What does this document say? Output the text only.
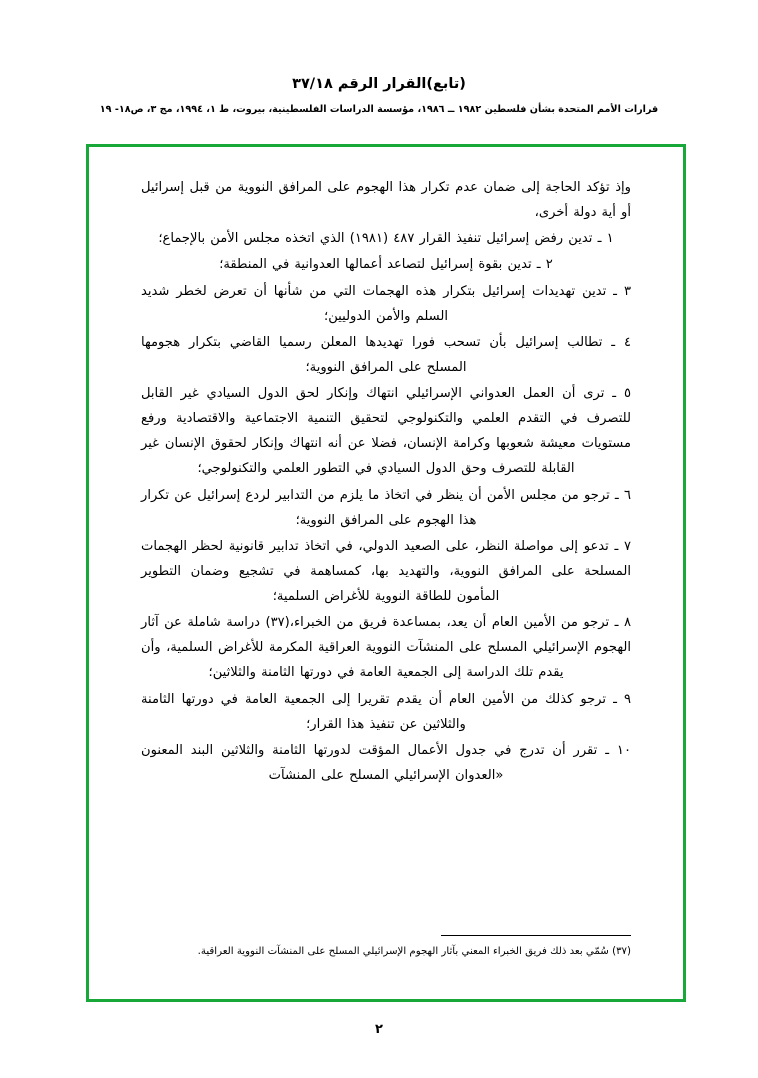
(تابع)القرار الرقم ٣٧/١٨
قرارات الأمم المتحدة بشأن فلسطين ١٩٨٢ ــ ١٩٨٦، مؤسسة الدراسات الفلسطينية، بيروت، ط ١، ١٩٩٤، مج ٣، ص١٨- ١٩

وإذ تؤكد الحاجة إلى ضمان عدم تكرار هذا الهجوم على المرافق النووية من قبل إسرائيل أو أية دولة أخرى،

١ ـ تدين رفض إسرائيل تنفيذ القرار ٤٨٧ (١٩٨١) الذي اتخذه مجلس الأمن بالإجماع؛

٢ ـ تدين بقوة إسرائيل لتصاعد أعمالها العدوانية في المنطقة؛

٣ ـ تدين تهديدات إسرائيل بتكرار هذه الهجمات التي من شأنها أن تعرض لخطر شديد السلم والأمن الدوليين؛

٤ ـ تطالب إسرائيل بأن تسحب فورا تهديدها المعلن رسميا القاضي بتكرار هجومها المسلح على المرافق النووية؛

٥ ـ ترى أن العمل العدواني الإسرائيلي انتهاك وإنكار لحق الدول السيادي غير القابل للتصرف في التقدم العلمي والتكنولوجي لتحقيق التنمية الاجتماعية والاقتصادية ورفع مستويات معيشة شعوبها وكرامة الإنسان، فضلا عن أنه انتهاك وإنكار لحقوق الإنسان غير القابلة للتصرف وحق الدول السيادي في التطور العلمي والتكنولوجي؛

٦ ـ ترجو من مجلس الأمن أن ينظر في اتخاذ ما يلزم من التدابير لردع إسرائيل عن تكرار هذا الهجوم على المرافق النووية؛

٧ ـ تدعو إلى مواصلة النظر، على الصعيد الدولي، في اتخاذ تدابير قانونية لحظر الهجمات المسلحة على المرافق النووية، والتهديد بها، كمساهمة في تشجيع وضمان التطوير المأمون للطاقة النووية للأغراض السلمية؛

٨ ـ ترجو من الأمين العام أن يعد، بمساعدة فريق من الخبراء،(٣٧) دراسة شاملة عن آثار الهجوم الإسرائيلي المسلح على المنشآت النووية العراقية المكرمة للأغراض السلمية، وأن يقدم تلك الدراسة إلى الجمعية العامة في دورتها الثامنة والثلاثين؛

٩ ـ ترجو كذلك من الأمين العام أن يقدم تقريرا إلى الجمعية العامة في دورتها الثامنة والثلاثين عن تنفيذ هذا القرار؛

١٠ ـ تقرر أن تدرج في جدول الأعمال المؤقت لدورتها الثامنة والثلاثين البند المعنون «العدوان الإسرائيلي المسلح على المنشآت

(٣٧) سُمّي بعد ذلك فريق الخبراء المعني بآثار الهجوم الإسرائيلي المسلح على المنشآت النووية العراقية.
٢
